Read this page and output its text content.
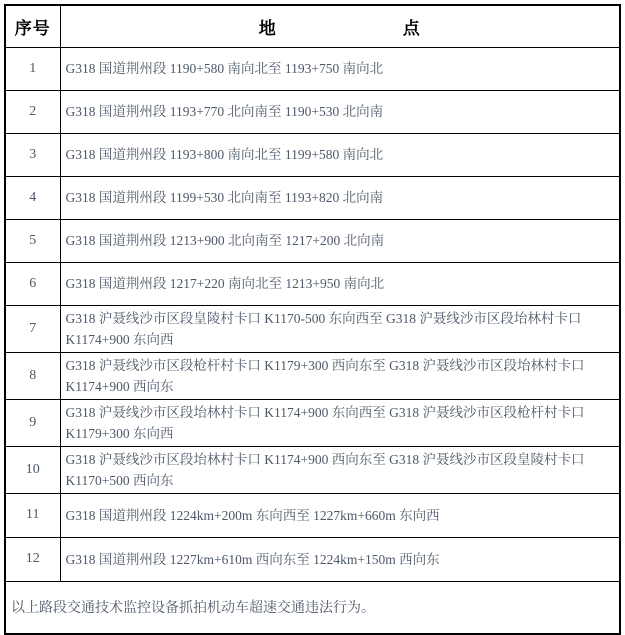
序号	地　　　　　　　点
1	G318 国道荆州段 1190+580 南向北至 1193+750 南向北
2	G318 国道荆州段 1193+770 北向南至 1190+530 北向南
3	G318 国道荆州段 1193+800 南向北至 1199+580 南向北
4	G318 国道荆州段 1199+530 北向南至 1193+820 北向南
5	G318 国道荆州段 1213+900 北向南至 1217+200 北向南
6	G318 国道荆州段 1217+220 南向北至 1213+950 南向北
7	G318 沪聂线沙市区段皇陵村卡口 K1170-500 东向西至 G318 沪聂线沙市区段坮林村卡口 K1174+900 东向西
8	G318 沪聂线沙市区段枪杆村卡口 K1179+300 西向东至 G318 沪聂线沙市区段坮林村卡口 K1174+900 西向东
9	G318 沪聂线沙市区段坮林村卡口 K1174+900 东向西至 G318 沪聂线沙市区段枪杆村卡口 K1179+300 东向西
10	G318 沪聂线沙市区段坮林村卡口 K1174+900 西向东至 G318 沪聂线沙市区段皇陵村卡口 K1170+500 西向东
11	G318 国道荆州段 1224km+200m 东向西至 1227km+660m 东向西
12	G318 国道荆州段 1227km+610m 西向东至 1224km+150m 西向东
以上路段交通技术监控设备抓拍机动车超速交通违法行为。	
